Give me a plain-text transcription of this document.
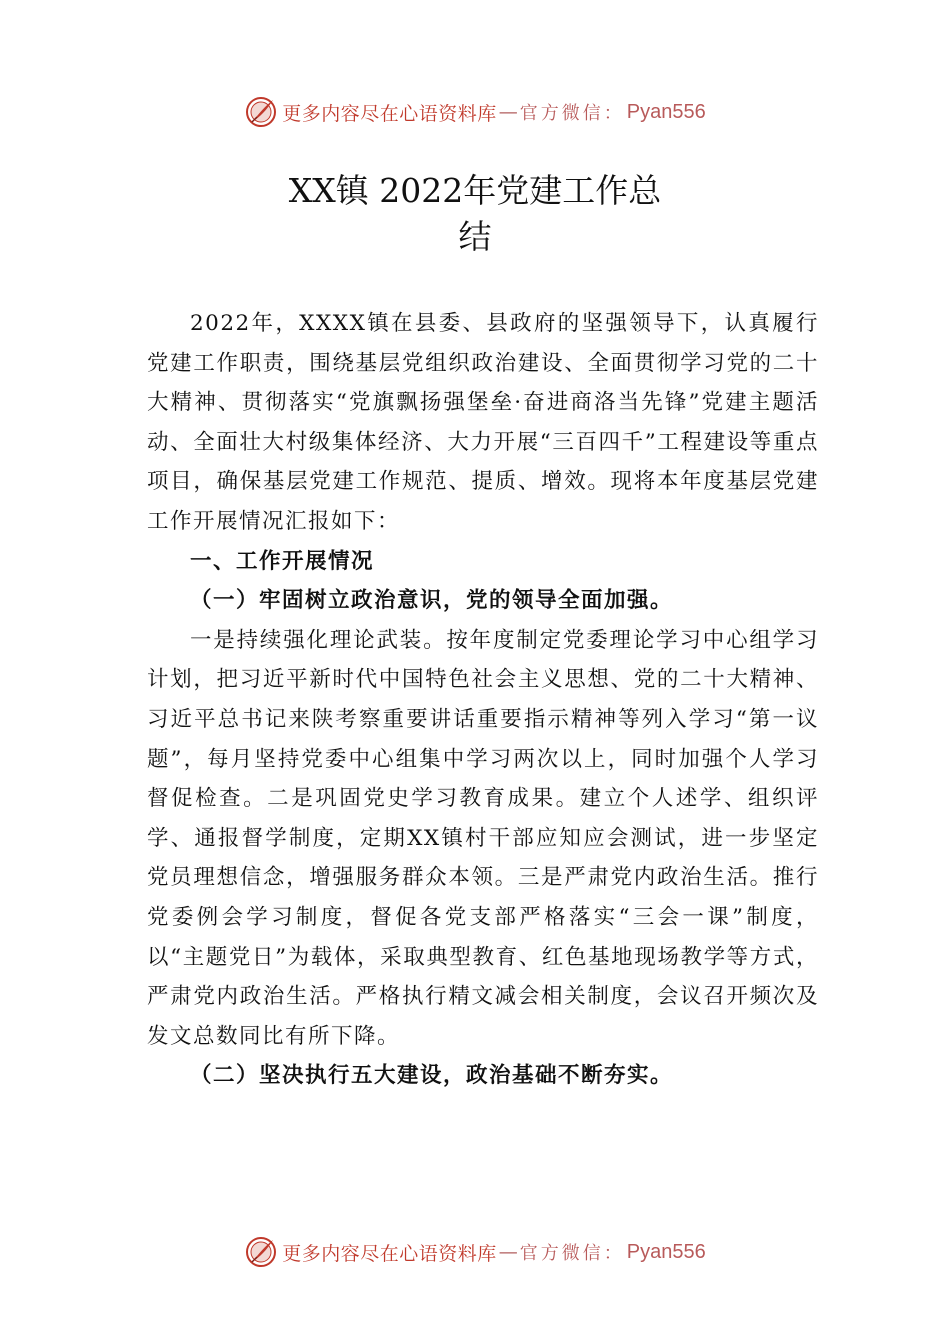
更多内容尽在心语资料库 — 官方微信： Pyan556
XX镇 2022年党建工作总
结

2022年，XXXX镇在县委、县政府的坚强领导下，认真履行党建工作职责，围绕基层党组织政治建设、全面贯彻学习党的二十大精神、贯彻落实“党旗飘扬强堡垒·奋进商洛当先锋”党建主题活动、全面壮大村级集体经济、大力开展“三百四千”工程建设等重点项目，确保基层党建工作规范、提质、增效。现将本年度基层党建工作开展情况汇报如下：

一、工作开展情况

（一）牢固树立政治意识，党的领导全面加强。

一是持续强化理论武装。按年度制定党委理论学习中心组学习计划，把习近平新时代中国特色社会主义思想、党的二十大精神、习近平总书记来陕考察重要讲话重要指示精神等列入学习“第一议题”，每月坚持党委中心组集中学习两次以上，同时加强个人学习督促检查。二是巩固党史学习教育成果。建立个人述学、组织评学、通报督学制度，定期XX镇村干部应知应会测试，进一步坚定党员理想信念，增强服务群众本领。三是严肃党内政治生活。推行党委例会学习制度，督促各党支部严格落实“三会一课”制度，以“主题党日”为载体，采取典型教育、红色基地现场教学等方式，严肃党内政治生活。严格执行精文减会相关制度，会议召开频次及发文总数同比有所下降。

（二）坚决执行五大建设，政治基础不断夯实。

更多内容尽在心语资料库 — 官方微信： Pyan556
